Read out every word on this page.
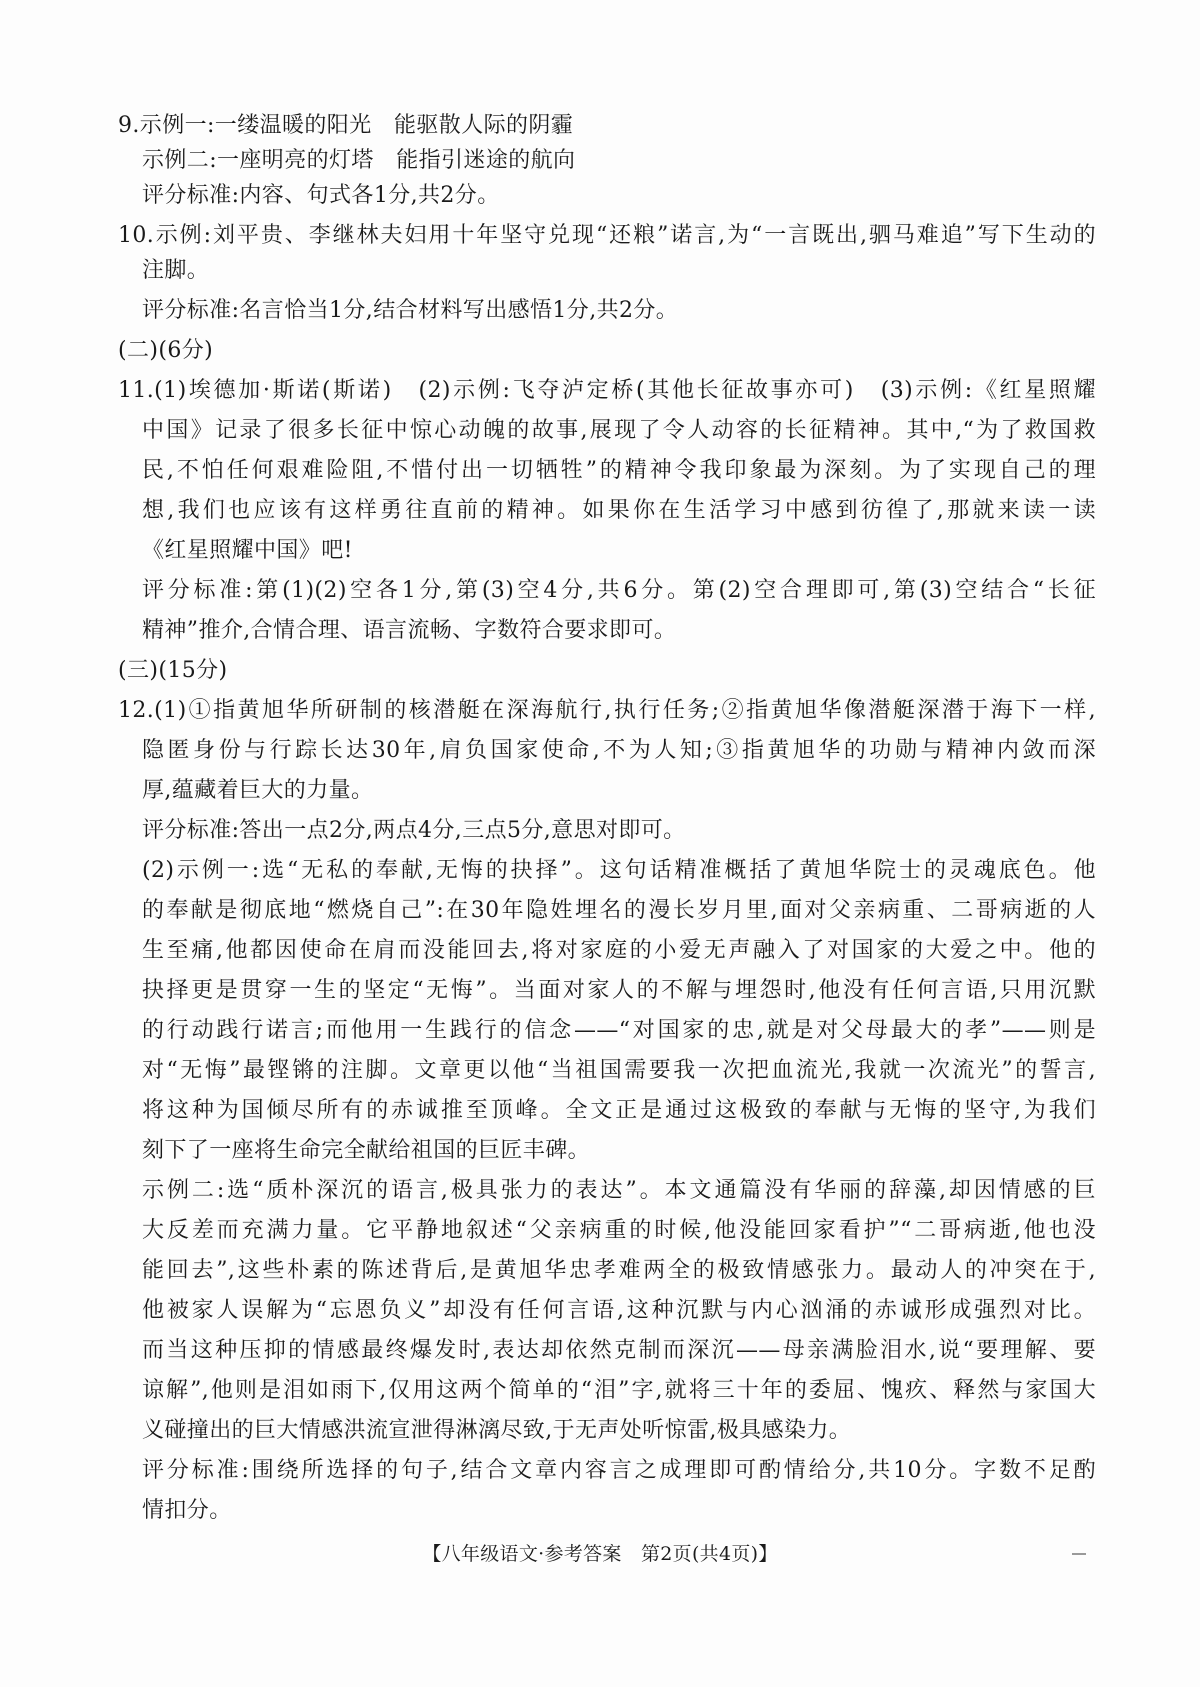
9.示例一:一缕温暖的阳光　能驱散人际的阴霾
示例二:一座明亮的灯塔　能指引迷途的航向
评分标准:内容、句式各1分,共2分。
10.示例:刘平贵、李继林夫妇用十年坚守兑现“还粮”诺言,为“一言既出,驷马难追”写下生动的
注脚。
评分标准:名言恰当1分,结合材料写出感悟1分,共2分。
(二)(6分)
11.(1)埃德加·斯诺(斯诺)　(2)示例:飞夺泸定桥(其他长征故事亦可)　(3)示例:《红星照耀
中国》记录了很多长征中惊心动魄的故事,展现了令人动容的长征精神。其中,“为了救国救
民,不怕任何艰难险阻,不惜付出一切牺牲”的精神令我印象最为深刻。为了实现自己的理
想,我们也应该有这样勇往直前的精神。如果你在生活学习中感到彷徨了,那就来读一读
《红星照耀中国》吧!
评分标准:第(1)(2)空各1分,第(3)空4分,共6分。第(2)空合理即可,第(3)空结合“长征
精神”推介,合情合理、语言流畅、字数符合要求即可。
(三)(15分)
12.(1)①指黄旭华所研制的核潜艇在深海航行,执行任务;②指黄旭华像潜艇深潜于海下一样,
隐匿身份与行踪长达30年,肩负国家使命,不为人知;③指黄旭华的功勋与精神内敛而深
厚,蕴藏着巨大的力量。
评分标准:答出一点2分,两点4分,三点5分,意思对即可。
(2)示例一:选“无私的奉献,无悔的抉择”。这句话精准概括了黄旭华院士的灵魂底色。他
的奉献是彻底地“燃烧自己”:在30年隐姓埋名的漫长岁月里,面对父亲病重、二哥病逝的人
生至痛,他都因使命在肩而没能回去,将对家庭的小爱无声融入了对国家的大爱之中。他的
抉择更是贯穿一生的坚定“无悔”。当面对家人的不解与埋怨时,他没有任何言语,只用沉默
的行动践行诺言;而他用一生践行的信念——“对国家的忠,就是对父母最大的孝”——则是
对“无悔”最铿锵的注脚。文章更以他“当祖国需要我一次把血流光,我就一次流光”的誓言,
将这种为国倾尽所有的赤诚推至顶峰。全文正是通过这极致的奉献与无悔的坚守,为我们
刻下了一座将生命完全献给祖国的巨匠丰碑。
示例二:选“质朴深沉的语言,极具张力的表达”。本文通篇没有华丽的辞藻,却因情感的巨
大反差而充满力量。它平静地叙述“父亲病重的时候,他没能回家看护”“二哥病逝,他也没
能回去”,这些朴素的陈述背后,是黄旭华忠孝难两全的极致情感张力。最动人的冲突在于,
他被家人误解为“忘恩负义”却没有任何言语,这种沉默与内心汹涌的赤诚形成强烈对比。
而当这种压抑的情感最终爆发时,表达却依然克制而深沉——母亲满脸泪水,说“要理解、要
谅解”,他则是泪如雨下,仅用这两个简单的“泪”字,就将三十年的委屈、愧疚、释然与家国大
义碰撞出的巨大情感洪流宣泄得淋漓尽致,于无声处听惊雷,极具感染力。
评分标准:围绕所选择的句子,结合文章内容言之成理即可酌情给分,共10分。字数不足酌
情扣分。
【八年级语文·参考答案　第2页(共4页)】
